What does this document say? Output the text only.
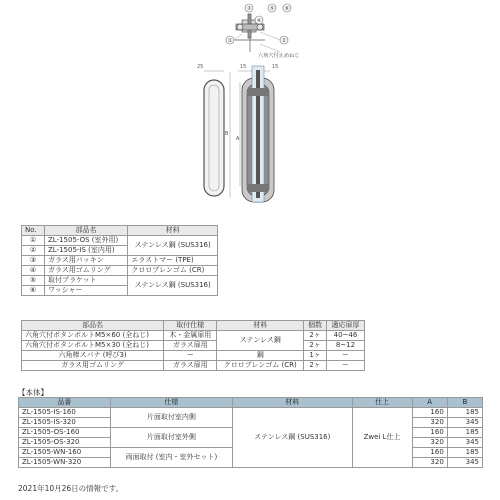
③	⑤ ⑥
④
①	②
六角穴付止めねじ
25	15	15
B
A
No.	部品名	材料
①	ZL-1505-OS (室外用)	ステンレス鋼 (SUS316)
②	ZL-1505-IS (室内用)	
③	ガラス用パッキン	エラストマー (TPE)
④	ガラス用ゴムリング	クロロプレンゴム (CR)
⑤	取付ブラケット	ステンレス鋼 (SUS316)
⑥	ワッシャー	
部品名	取付仕様	材料	個数	適応扉厚
六角穴付ボタンボルトM5×60 (全ねじ)	木・金属扉用	ステンレス鋼	2ヶ	40~46
六角穴付ボタンボルトM5×30 (全ねじ)	ガラス扉用		2ヶ	8~12
六角棒スパナ (呼び3)	ー	鋼	1ヶ	ー
ガラス用ゴムリング	ガラス扉用	クロロプレンゴム (CR)	2ヶ	ー
【本体】
品番	仕様	材料	仕上	A	B
ZL-1505-IS-160	片面取付室内側	ステンレス鋼 (SUS316)	Zwei L仕上	160	185
ZL-1505-IS-320				320	345
ZL-1505-OS-160	片面取付室外側			160	185
ZL-1505-OS-320				320	345
ZL-1505-WN-160	両面取付 (室内・室外セット)			160	185
ZL-1505-WN-320				320	345
2021年10月26日の情報です。
